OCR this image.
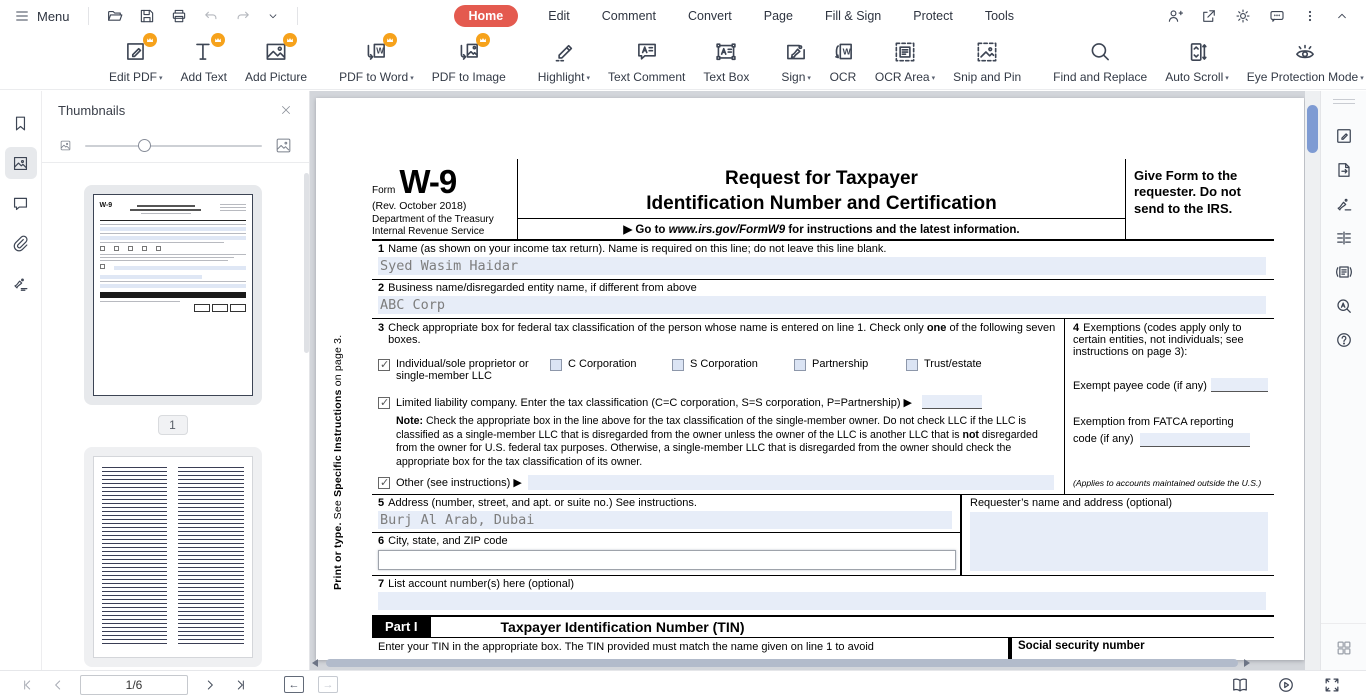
Menu	Home	Edit	Comment	Convert	Page	Fill & Sign	Protect	Tools
Edit PDF ▾ Add Text Add Picture
W
PDF to Word ▾ PDF to Image	Highlight ▾ Text Comment Text Box	Sign
▾
W
OCR OCR Area ▾ Snip and Pin	Find and Replace Auto Scroll ▾ Eye Protection Mode
▾
Thumbnails
W-9
1
Print or type. See Specific Instructions on page 3.
Form W-9
(Rev. October 2018)
Department of the Treasury
Internal Revenue Service
Request for Taxpayer
Identification Number and Certification
▶ Go to www.irs.gov/FormW9 for instructions and the latest information.
Give Form to the requester. Do not send to the IRS.
1 Name (as shown on your income tax return). Name is required on this line; do not leave this line blank.
Syed Wasim Haidar
2 Business name/disregarded entity name, if different from above
ABC Corp
3 Check appropriate box for federal tax classification of the person whose name is entered on line 1. Check only one of the following seven boxes.
✓
Individual/sole proprietor or single-member LLC
C Corporation	S Corporation	Partnership	Trust/estate
✓
Limited liability company. Enter the tax classification (C=C corporation, S=S corporation, P=Partnership) ▶
Note: Check the appropriate box in the line above for the tax classification of the single-member owner. Do not check LLC if the LLC is classified as a single-member LLC that is disregarded from the owner unless the owner of the LLC is another LLC that is not disregarded from the owner for U.S. federal tax purposes. Otherwise, a single-member LLC that is disregarded from the owner should check the appropriate box for the tax classification of its owner.
✓
Other (see instructions) ▶
4 Exemptions (codes apply only to certain entities, not individuals; see instructions on page 3):
Exempt payee code (if any)
Exemption from FATCA reporting
code (if any)
(Applies to accounts maintained outside the U.S.)
5 Address (number, street, and apt. or suite no.) See instructions.
Burj Al Arab, Dubai
6 City, state, and ZIP code
Requester’s name and address (optional)
7 List account number(s) here (optional)
Part I	Taxpayer Identification Number (TIN)
Enter your TIN in the appropriate box. The TIN provided must match the name given on line 1 to avoid	Social security number
1/6
← →
